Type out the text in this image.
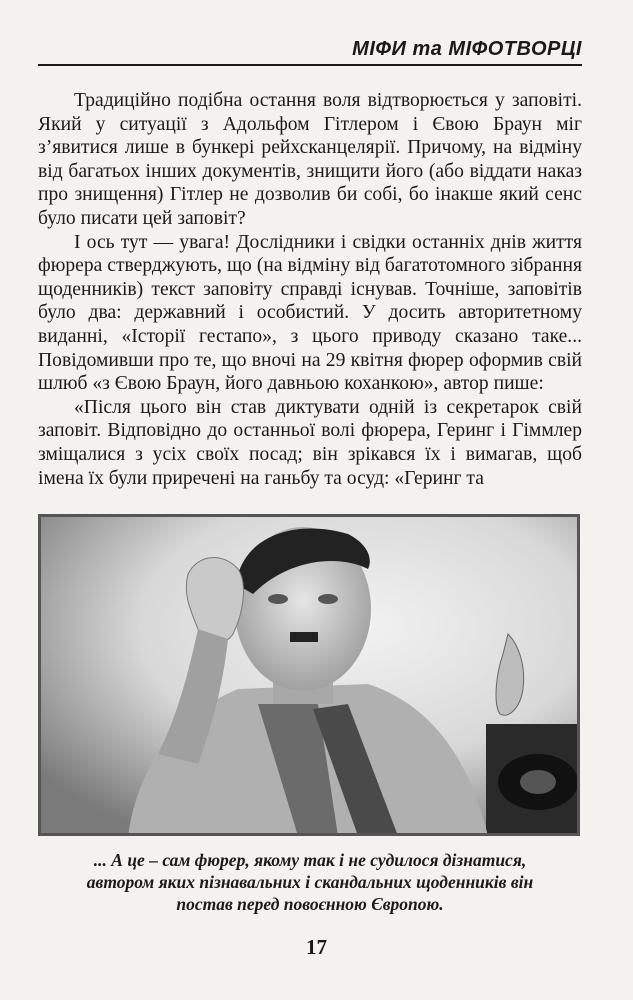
МІФИ та МІФОТВОРЦІ

Традиційно подібна остання воля відтворюється у заповіті. Який у ситуації з Адольфом Гітлером і Євою Браун міг з’явитися лише в бункері рейхсканцелярії. Причому, на відміну від багатьох інших документів, знищити його (або віддати наказ про знищення) Гітлер не дозволив би собі, бо інакше який сенс було писати цей заповіт?

І ось тут — увага! Дослідники і свідки останніх днів життя фюрера стверджують, що (на відміну від багатотомного зібрання щоденників) текст заповіту справді існував. Точніше, заповітів було два: державний і особистий. У досить авторитетному виданні, «Історії гестапо», з цього приводу сказано таке... Повідомивши про те, що вночі на 29 квітня фюрер оформив свій шлюб «з Євою Браун, його давньою коханкою», автор пише:

«Після цього він став диктувати одній із секретарок свій заповіт. Відповідно до останньої волі фюрера, Геринг і Гіммлер зміщалися з усіх своїх посад; він зрікався їх і вимагав, щоб імена їх були приречені на ганьбу та осуд: «Геринг та

... А це – сам фюрер, якому так і не судилося дізнатися,
автором яких пізнавальних і скандальних щоденників він
постав перед повоєнною Європою.
17
